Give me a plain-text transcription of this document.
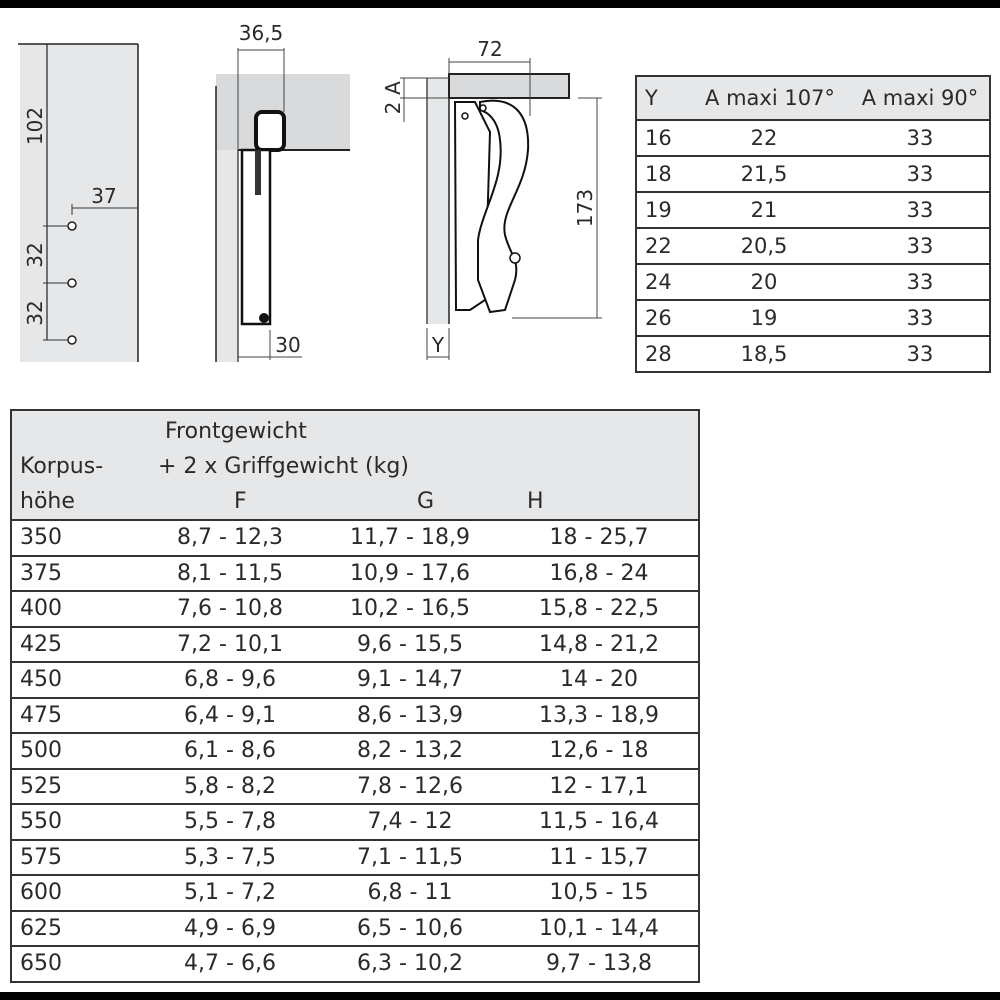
102
37
32
32
36,5
30
72
A
2
173
Y
Y	A maxi 107°	A maxi 90°
16	22	33
18	21,5	33
19	21	33
22	20,5	33
24	20	33
26	19	33
28	18,5	33
Frontgewicht
Korpus- + 2 x Griffgewicht (kg)
höhe	F	G	H

350	8,7 - 12,3	11,7 - 18,9	18 - 25,7
375	8,1 - 11,5	10,9 - 17,6	16,8 - 24
400	7,6 - 10,8	10,2 - 16,5	15,8 - 22,5
425	7,2 - 10,1	9,6 - 15,5	14,8 - 21,2
450	6,8 - 9,6	9,1 - 14,7	14 - 20
475	6,4 - 9,1	8,6 - 13,9	13,3 - 18,9
500	6,1 - 8,6	8,2 - 13,2	12,6 - 18
525	5,8 - 8,2	7,8 - 12,6	12 - 17,1
550	5,5 - 7,8	7,4 - 12	11,5 - 16,4
575	5,3 - 7,5	7,1 - 11,5	11 - 15,7
600	5,1 - 7,2	6,8 - 11	10,5 - 15
625	4,9 - 6,9	6,5 - 10,6	10,1 - 14,4
650	4,7 - 6,6	6,3 - 10,2	9,7 - 13,8
